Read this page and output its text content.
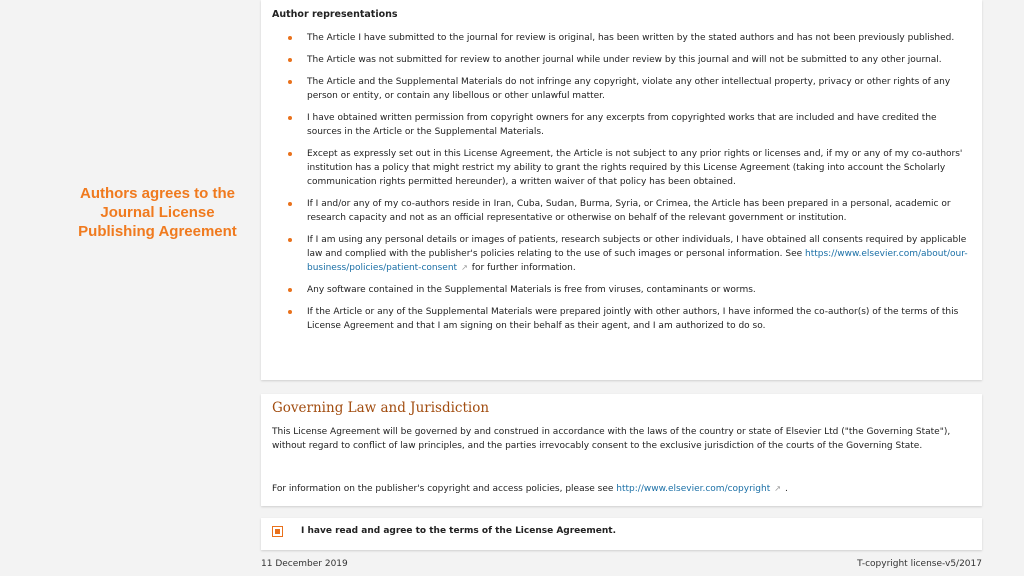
Authors agrees to the Journal License Publishing Agreement
Author representations
The Article I have submitted to the journal for review is original, has been written by the stated authors and has not been previously published.
The Article was not submitted for review to another journal while under review by this journal and will not be submitted to any other journal.
The Article and the Supplemental Materials do not infringe any copyright, violate any other intellectual property, privacy or other rights of any person or entity, or contain any libellous or other unlawful matter.
I have obtained written permission from copyright owners for any excerpts from copyrighted works that are included and have credited the sources in the Article or the Supplemental Materials.
Except as expressly set out in this License Agreement, the Article is not subject to any prior rights or licenses and, if my or any of my co-authors' institution has a policy that might restrict my ability to grant the rights required by this License Agreement (taking into account the Scholarly communication rights permitted hereunder), a written waiver of that policy has been obtained.
If I and/or any of my co-authors reside in Iran, Cuba, Sudan, Burma, Syria, or Crimea, the Article has been prepared in a personal, academic or research capacity and not as an official representative or otherwise on behalf of the relevant government or institution.
If I am using any personal details or images of patients, research subjects or other individuals, I have obtained all consents required by applicable law and complied with the publisher's policies relating to the use of such images or personal information. See https://www.elsevier.com/about/our-business/policies/patient-consent ↗ for further information.
Any software contained in the Supplemental Materials is free from viruses, contaminants or worms.
If the Article or any of the Supplemental Materials were prepared jointly with other authors, I have informed the co-author(s) of the terms of this License Agreement and that I am signing on their behalf as their agent, and I am authorized to do so.
Governing Law and Jurisdiction
This License Agreement will be governed by and construed in accordance with the laws of the country or state of Elsevier Ltd ("the Governing State"), without regard to conflict of law principles, and the parties irrevocably consent to the exclusive jurisdiction of the courts of the Governing State.
For information on the publisher's copyright and access policies, please see http://www.elsevier.com/copyright ↗ .
I have read and agree to the terms of the License Agreement.
11 December 2019	T-copyright license-v5/2017
